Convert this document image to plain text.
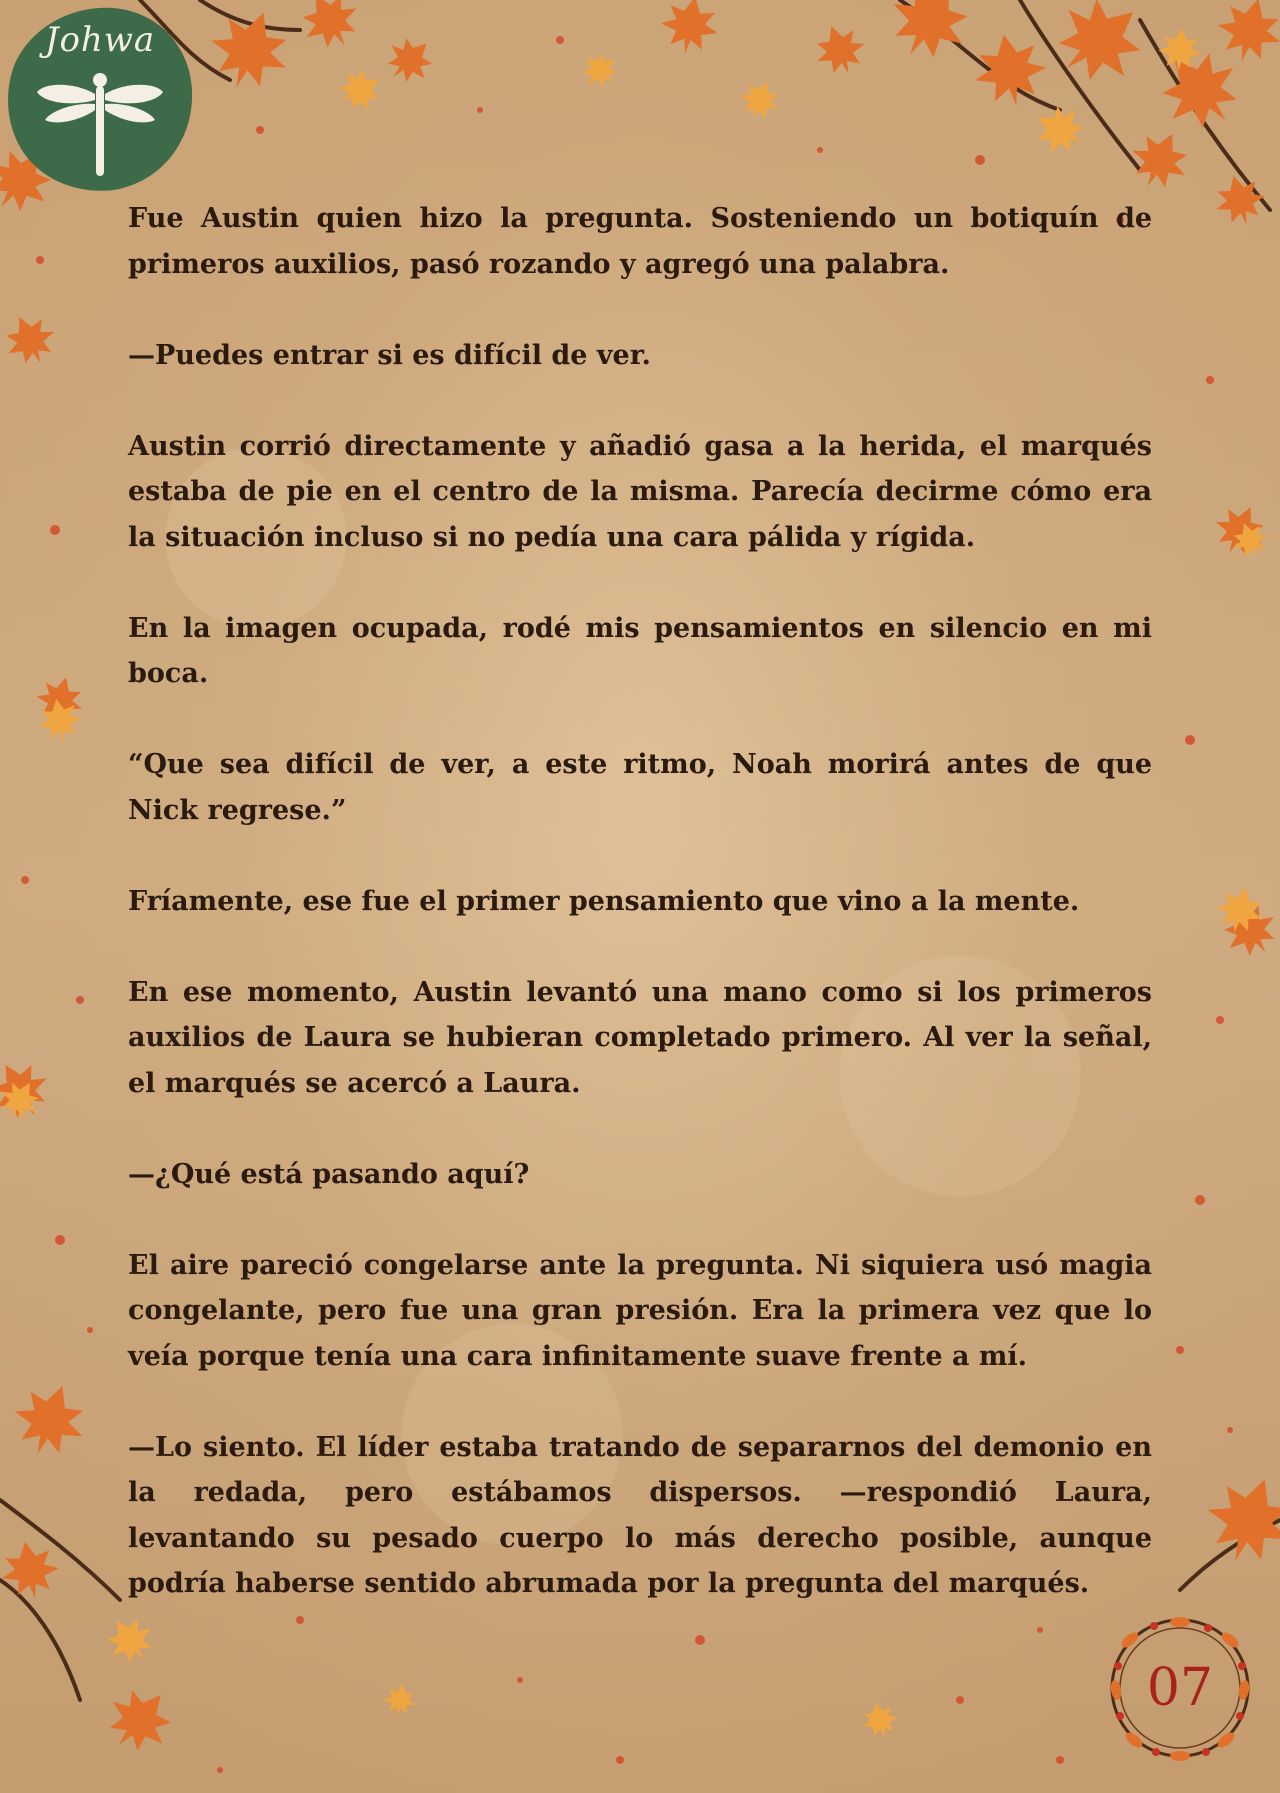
Johwa

Fue Austin quien hizo la pregunta. Sosteniendo un botiquín de primeros auxilios, pasó rozando y agregó una palabra.

—Puedes entrar si es difícil de ver.

Austin corrió directamente y añadió gasa a la herida, el marqués estaba de pie en el centro de la misma. Parecía decirme cómo era la situación incluso si no pedía una cara pálida y rígida.

En la imagen ocupada, rodé mis pensamientos en silencio en mi boca.

“Que sea difícil de ver, a este ritmo, Noah morirá antes de que Nick regrese.”

Fríamente, ese fue el primer pensamiento que vino a la mente.

En ese momento, Austin levantó una mano como si los primeros auxilios de Laura se hubieran completado primero. Al ver la señal, el marqués se acercó a Laura.

—¿Qué está pasando aquí?

El aire pareció congelarse ante la pregunta. Ni siquiera usó magia congelante, pero fue una gran presión. Era la primera vez que lo veía porque tenía una cara infinitamente suave frente a mí.

—Lo siento. El líder estaba tratando de separarnos del demonio en la redada, pero estábamos dispersos. —respondió Laura, levantando su pesado cuerpo lo más derecho posible, aunque podría haberse sentido abrumada por la pregunta del marqués.

07
